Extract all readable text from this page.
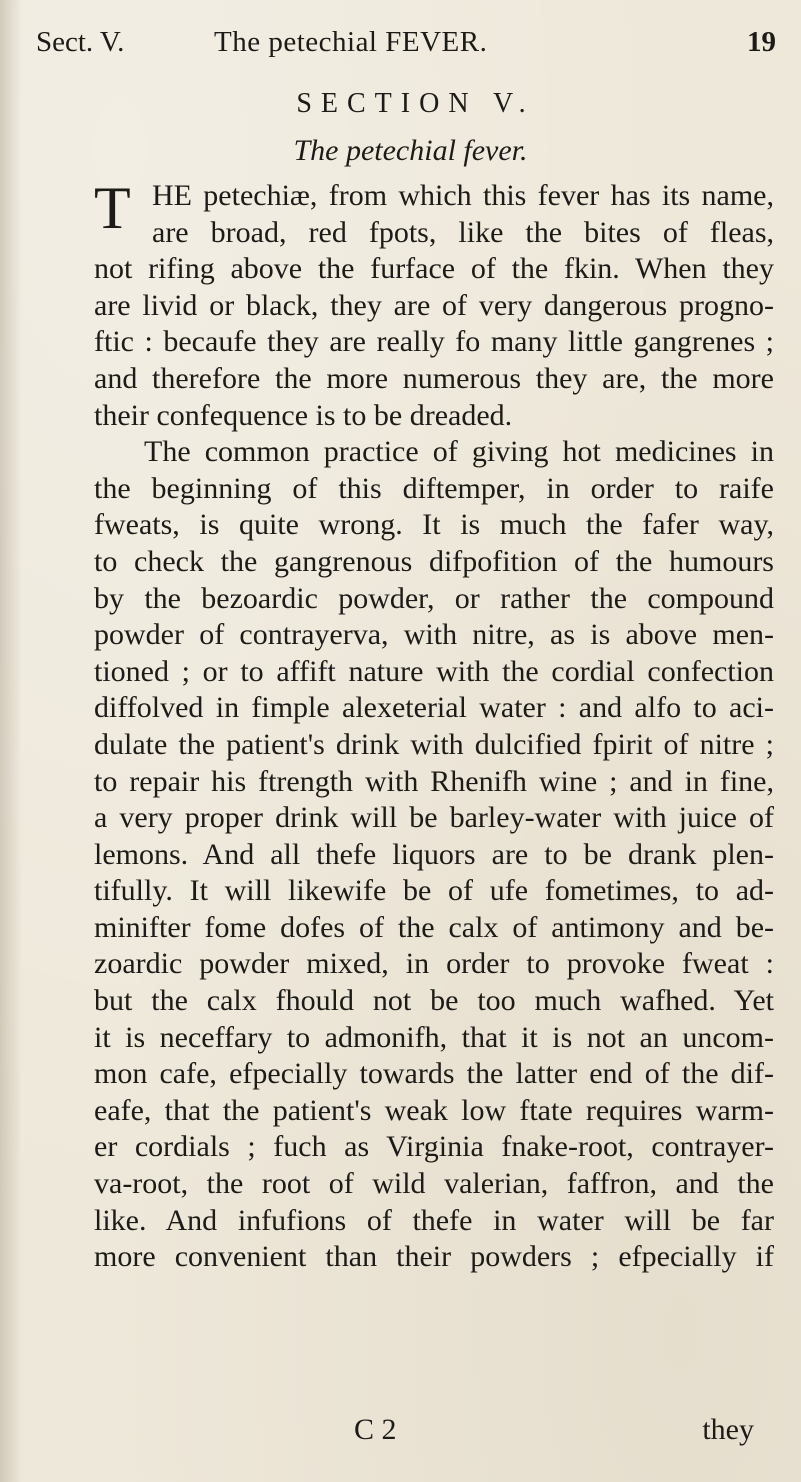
Sect. V.	The petechial FEVER.	19
SECTION V.
The petechial fever.
T HE petechiæ, from which this fever has its name,
are broad, red fpots, like the bites of fleas,
not rifing above the furface of the fkin. When they
are livid or black, they are of very dangerous progno-
ftic : becaufe they are really fo many little gangrenes ;
and therefore the more numerous they are, the more
their confequence is to be dreaded.
The common practice of giving hot medicines in
the beginning of this diftemper, in order to raife
fweats, is quite wrong. It is much the fafer way,
to check the gangrenous difpofition of the humours
by the bezoardic powder, or rather the compound
powder of contrayerva, with nitre, as is above men-
tioned ; or to affift nature with the cordial confection
diffolved in fimple alexeterial water : and alfo to aci-
dulate the patient's drink with dulcified fpirit of nitre ;
to repair his ftrength with Rhenifh wine ; and in fine,
a very proper drink will be barley-water with juice of
lemons. And all thefe liquors are to be drank plen-
tifully. It will likewife be of ufe fometimes, to ad-
minifter fome dofes of the calx of antimony and be-
zoardic powder mixed, in order to provoke fweat :
but the calx fhould not be too much wafhed. Yet
it is neceffary to admonifh, that it is not an uncom-
mon cafe, efpecially towards the latter end of the dif-
eafe, that the patient's weak low ftate requires warm-
er cordials ; fuch as Virginia fnake-root, contrayer-
va-root, the root of wild valerian, faffron, and the
like. And infufions of thefe in water will be far
more convenient than their powders ; efpecially if
C 2	they
